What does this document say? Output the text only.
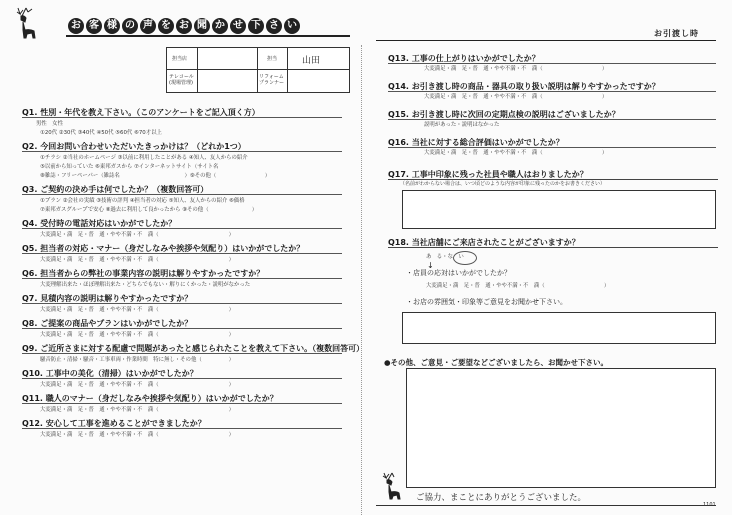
お 客 様 の 声 を お 聞 か せ 下 さ い
お引渡し時
担当店	担当	山田
テレコール(現場管理)
リフォーム プランナー
Q1. 性別・年代を教え下さい。（このアンケートをご記入頂く方）
男性　女性
①20代 ②30代 ③40代 ④50代 ⑤60代 ⑥70才以上
Q2. 今回お問い合わせいただいたきっかけは？（どれか1つ）
①チラシ ②当社のホームページ ③以前に利用したことがある ④知人、友人からの紹介
⑤以前から知っていた ⑥東邦ガスから ⑦インターネットサイト（サイト名
⑧雑誌・フリーペーパー（雑誌名　　　　　　　　　　　　）⑨その他（　　　　　　　　　）
Q3. ご契約の決め手は何でしたか？（複数回答可）
①プラン ②会社の実績 ③技術の評判 ④担当者の対応 ⑤知人、友人からの紹介 ⑥価格
⑦東邦ガスグループで安心 ⑧過去に利用して良かったから ⑨その他（　　　　　　　　）
Q4. 受付時の電話対応はいかがでしたか？
大変満足・満　足・普　通・やや不満・不　満（　　　　　　　　　　　　　）
Q5. 担当者の対応・マナー（身だしなみや挨拶や気配り）はいかがでしたか？
大変満足・満　足・普　通・やや不満・不　満（　　　　　　　　　　　　　）
Q6. 担当者からの弊社の事業内容の説明は解りやすかったですか？
大変理解出来た・ほぼ理解出来た・どちらでもない・解りにくかった・説明がなかった
Q7. 見積内容の説明は解りやすかったですか？
大変満足・満　足・普　通・やや不満・不　満（　　　　　　　　　　　　　）
Q8. ご提案の商品やプランはいかがでしたか？
大変満足・満　足・普　通・やや不満・不　満（　　　　　　　　　　　　　）
Q9. ご近所さまに対する配慮で問題があったと感じられたことを教えて下さい。（複数回答可）
騒音防止・清掃・騒音・工事車両・作業時間　特に無し・その他（　　　　　）
Q10. 工事中の美化（清掃）はいかがでしたか？
大変満足・満　足・普　通・やや不満・不　満（　　　　　　　　　　　　　）
Q11. 職人のマナー（身だしなみや挨拶や気配り）はいかがでしたか？
大変満足・満　足・普　通・やや不満・不　満（　　　　　　　　　　　　　）
Q12. 安心して工事を進めることができましたか？
大変満足・満　足・普　通・やや不満・不　満（　　　　　　　　　　　　　）
Q13. 工事の仕上がりはいかがでしたか？
大変満足・満　足・普　通・やや不満・不　満（　　　　　　　　　　　）
Q14. お引き渡し時の商品・器具の取り扱い説明は解りやすかったですか？
大変満足・満　足・普　通・やや不満・不　満（　　　　　　　　　　　）
Q15. お引き渡し時に次回の定期点検の説明はございましたか？
説明があった・説明はなかった
Q16. 当社に対する総合評価はいかがでしたか？
大変満足・満　足・普　通・やや不満・不　満（　　　　　　　　　　　）
Q17. 工事中印象に残った社員や職人はおりましたか？
（名前がわからない場合は、いつ頃どのような内容が印象に残ったのかをお書きください）
Q18. 当社店舗にご来店されたことがございますか？
あ　る・な　い
↓
・店員の応対はいかがでしたか？
大変満足・満　足・普　通・やや不満・不　満（　　　　　　　　　　　）
・お店の雰囲気・印象等ご意見をお聞かせ下さい。
●その他、ご意見・ご要望などございましたら、お聞かせ下さい。
ご協力、まことにありがとうございました。
1101
